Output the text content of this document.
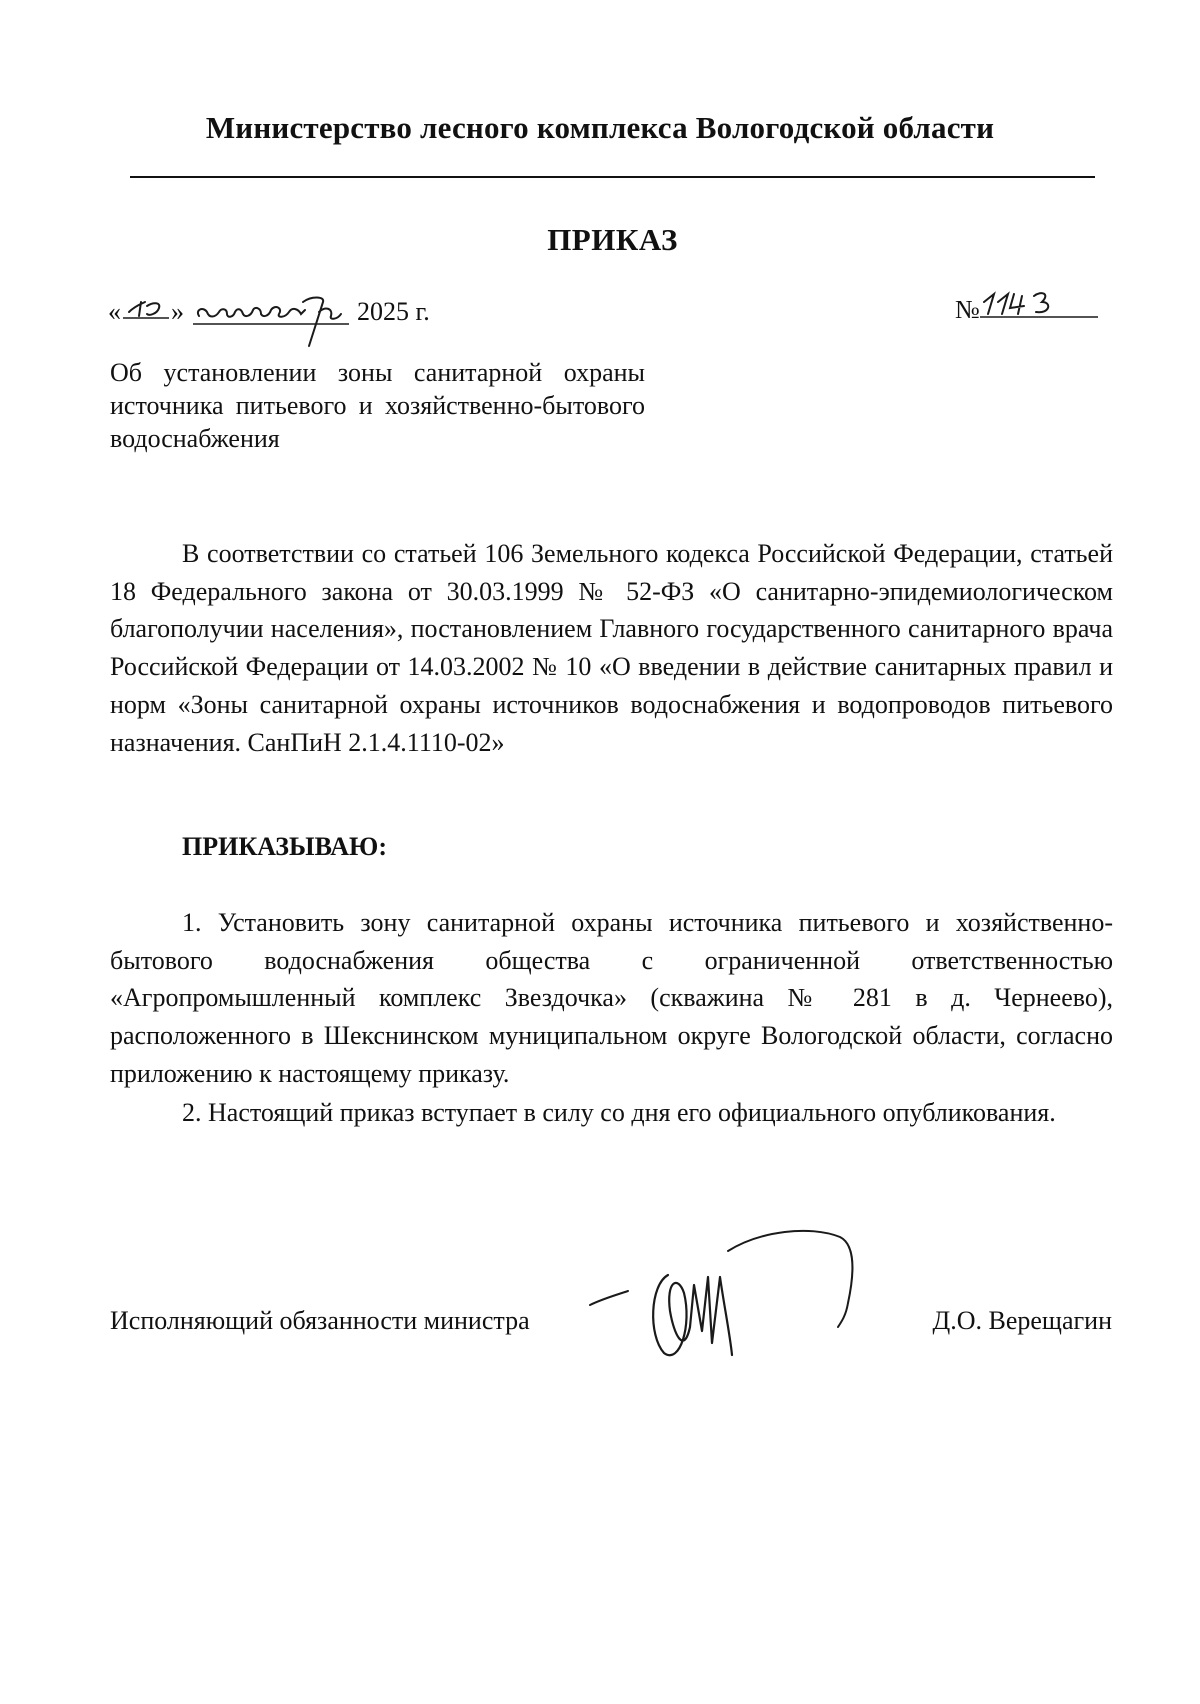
Министерство лесного комплекса Вологодской области
ПРИКАЗ
« »	2025 г.	№
Об установлении зоны санитарной охраны источника питьевого и хозяйственно-бытового водоснабжения
В соответствии со статьей 106 Земельного кодекса Российской Федерации, статьей 18 Федерального закона от 30.03.1999 № 52-ФЗ «О санитарно-эпидемиологическом благополучии населения», постановлением Главного государственного санитарного врача Российской Федерации от 14.03.2002 № 10 «О введении в действие санитарных правил и норм «Зоны санитарной охраны источников водоснабжения и водопроводов питьевого назначения. СанПиН 2.1.4.1110-02»
ПРИКАЗЫВАЮ:
1. Установить зону санитарной охраны источника питьевого и хозяйственно-бытового водоснабжения общества с ограниченной ответственностью «Агропромышленный комплекс Звездочка» (скважина № 281 в д. Чернеево), расположенного в Шекснинском муниципальном округе Вологодской области, согласно приложению к настоящему приказу.
2. Настоящий приказ вступает в силу со дня его официального опубликования.
Исполняющий обязанности министра	Д.О. Верещагин
